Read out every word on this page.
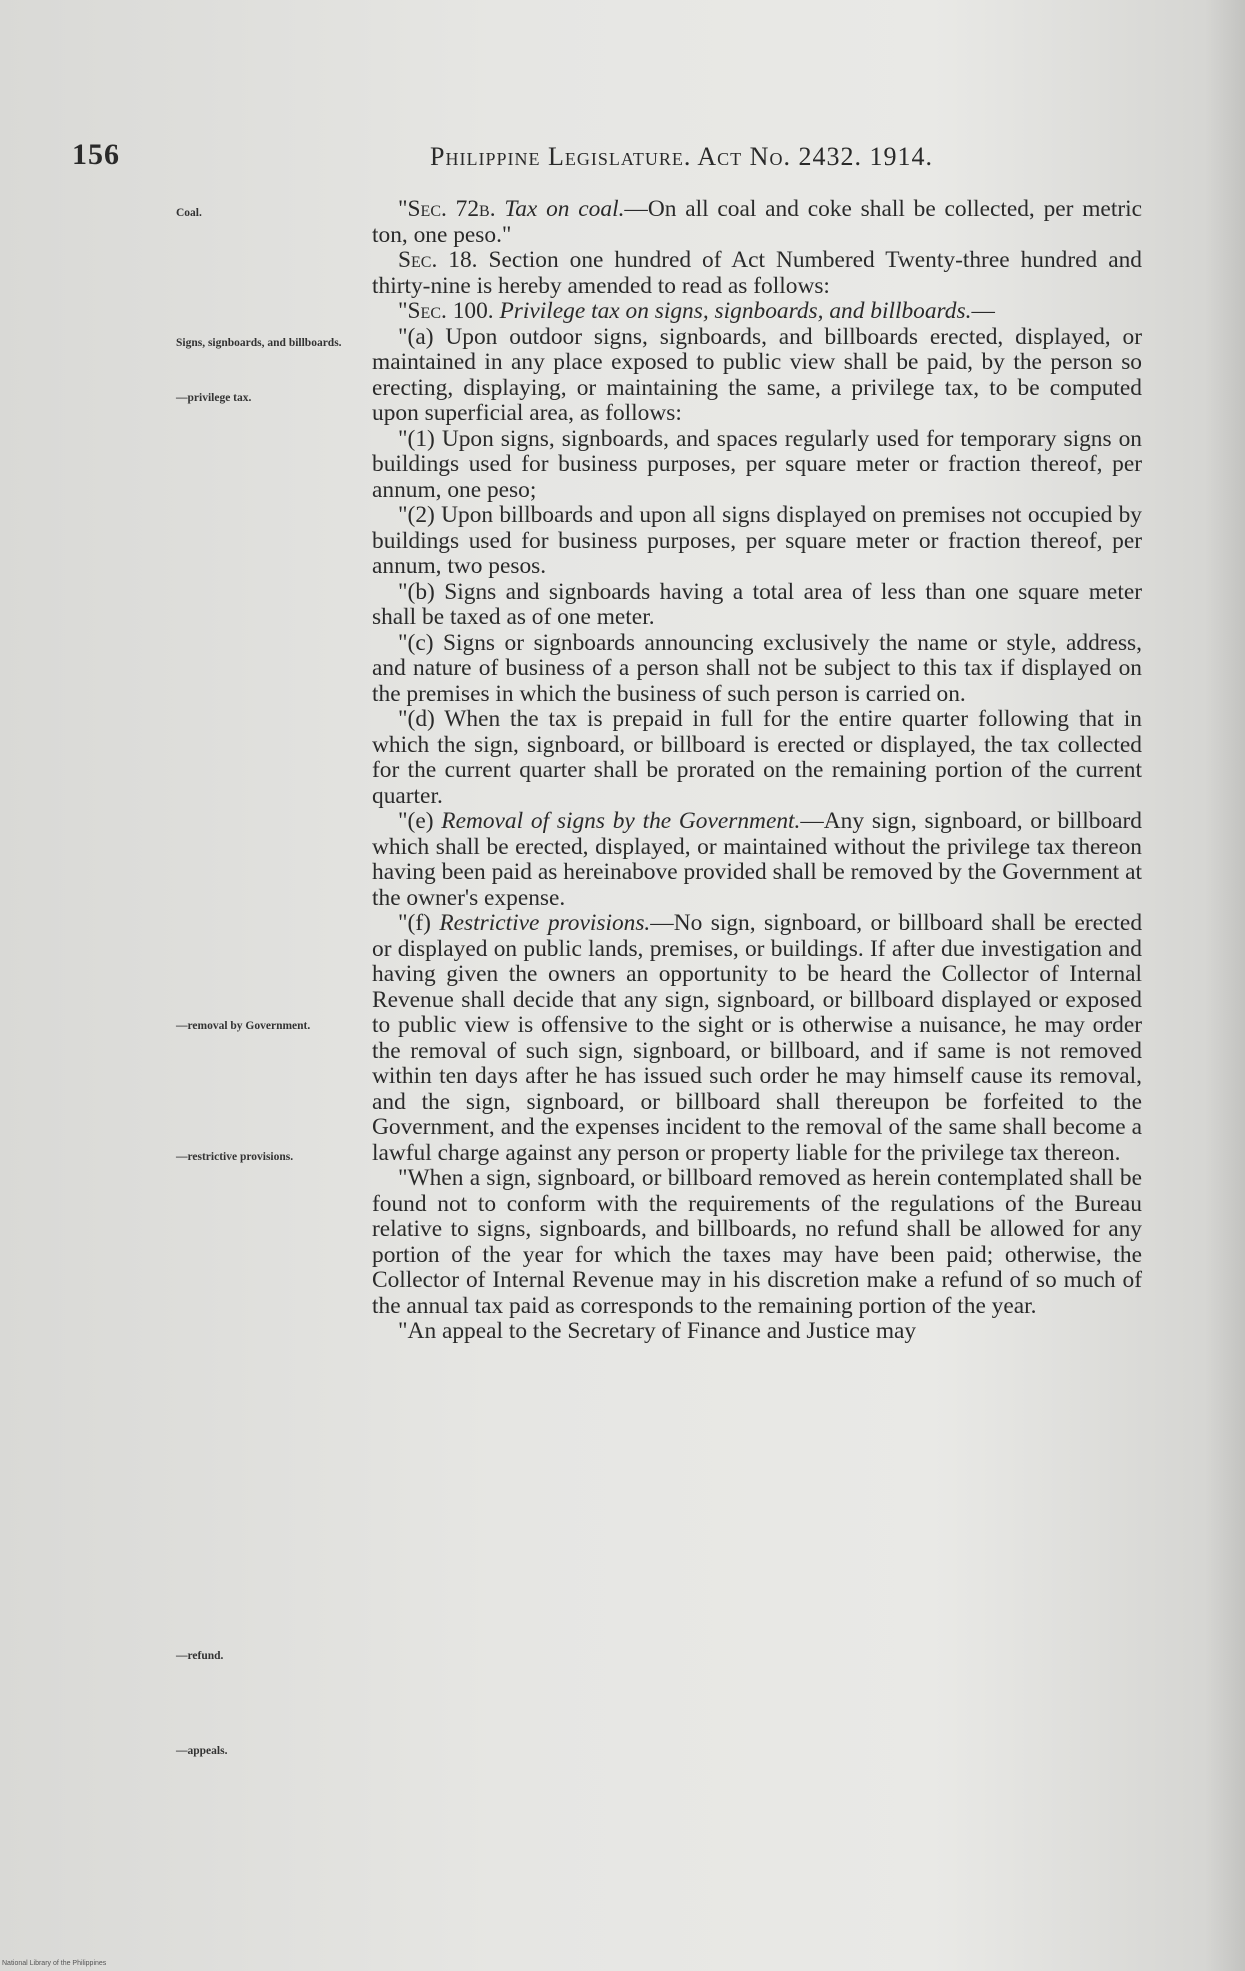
156	Philippine Legislature. Act No. 2432. 1914.
Coal.
Signs, signboards, and billboards.
—privilege tax.
—removal by Government.
—restrictive provisions.
—refund.
—appeals.

"Sec. 72b. Tax on coal.—On all coal and coke shall be collected, per metric ton, one peso."

Sec. 18. Section one hundred of Act Numbered Twenty-three hundred and thirty-nine is hereby amended to read as follows:

"Sec. 100. Privilege tax on signs, signboards, and billboards.—

"(a) Upon outdoor signs, signboards, and billboards erected, displayed, or maintained in any place exposed to public view shall be paid, by the person so erecting, displaying, or maintaining the same, a privilege tax, to be computed upon superficial area, as follows:

"(1) Upon signs, signboards, and spaces regularly used for temporary signs on buildings used for business purposes, per square meter or fraction thereof, per annum, one peso;

"(2) Upon billboards and upon all signs displayed on premises not occupied by buildings used for business purposes, per square meter or fraction thereof, per annum, two pesos.

"(b) Signs and signboards having a total area of less than one square meter shall be taxed as of one meter.

"(c) Signs or signboards announcing exclusively the name or style, address, and nature of business of a person shall not be subject to this tax if displayed on the premises in which the business of such person is carried on.

"(d) When the tax is prepaid in full for the entire quarter following that in which the sign, signboard, or billboard is erected or displayed, the tax collected for the current quarter shall be prorated on the remaining portion of the current quarter.

"(e) Removal of signs by the Government.—Any sign, signboard, or billboard which shall be erected, displayed, or maintained without the privilege tax thereon having been paid as hereinabove provided shall be removed by the Government at the owner's expense.

"(f) Restrictive provisions.—No sign, signboard, or billboard shall be erected or displayed on public lands, premises, or buildings. If after due investigation and having given the owners an opportunity to be heard the Collector of Internal Revenue shall decide that any sign, signboard, or billboard displayed or exposed to public view is offensive to the sight or is otherwise a nuisance, he may order the removal of such sign, signboard, or billboard, and if same is not removed within ten days after he has issued such order he may himself cause its removal, and the sign, signboard, or billboard shall thereupon be forfeited to the Government, and the expenses incident to the removal of the same shall become a lawful charge against any person or property liable for the privilege tax thereon.

"When a sign, signboard, or billboard removed as herein contemplated shall be found not to conform with the requirements of the regulations of the Bureau relative to signs, signboards, and billboards, no refund shall be allowed for any portion of the year for which the taxes may have been paid; otherwise, the Collector of Internal Revenue may in his discretion make a refund of so much of the annual tax paid as corresponds to the remaining portion of the year.

"An appeal to the Secretary of Finance and Justice may

National Library of the Philippines
